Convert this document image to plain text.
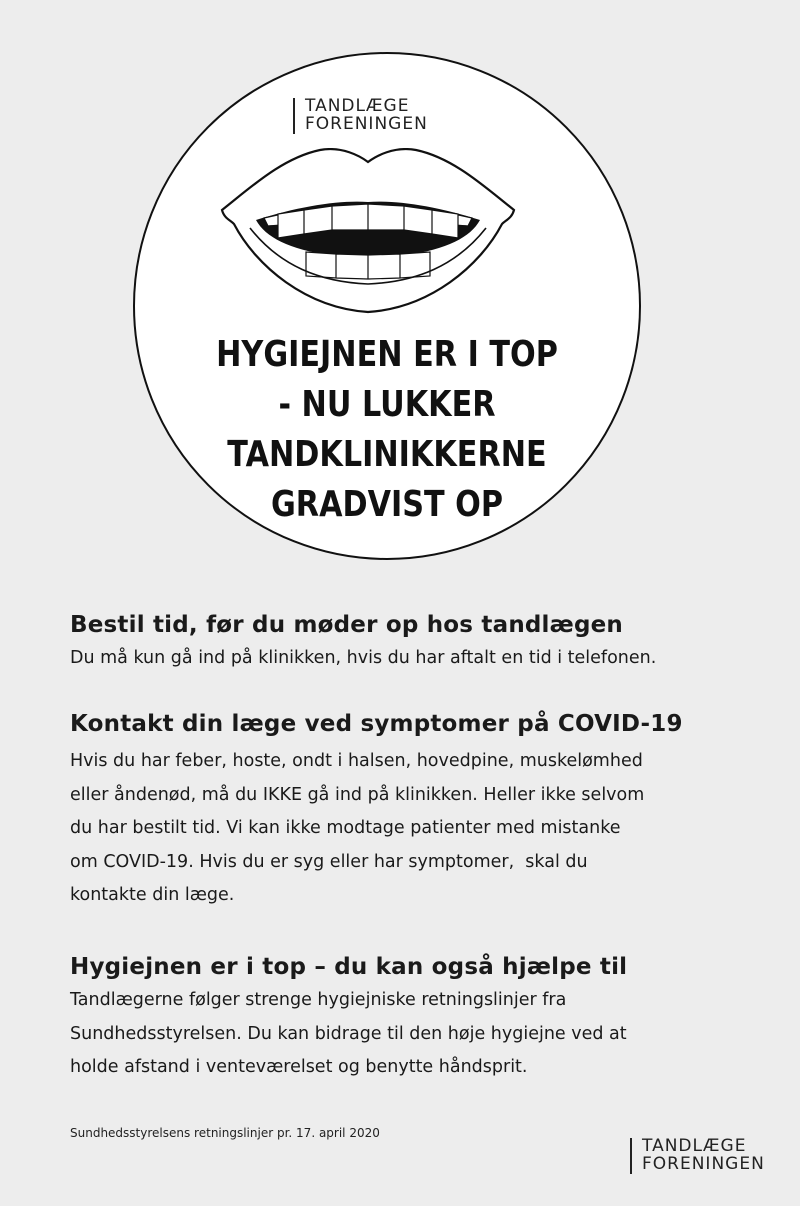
TANDLÆGE
FORENINGEN
HYGIEJNEN ER I TOP
- NU LUKKER
TANDKLINIKKERNE
GRADVIST OP
Bestil tid, før du møder op hos tandlægen

Du må kun gå ind på klinikken, hvis du har aftalt en tid i telefonen.

Kontakt din læge ved symptomer på COVID-19

Hvis du har feber, hoste, ondt i halsen, hovedpine, muskelømhed
eller åndenød, må du IKKE gå ind på klinikken. Heller ikke selvom
du har bestilt tid. Vi kan ikke modtage patienter med mistanke
om COVID-19. Hvis du er syg eller har symptomer,  skal du
kontakte din læge.

Hygiejnen er i top – du kan også hjælpe til

Tandlægerne følger strenge hygiejniske retningslinjer fra
Sundhedsstyrelsen. Du kan bidrage til den høje hygiejne ved at
holde afstand i venteværelset og benytte håndsprit.

Sundhedsstyrelsens retningslinjer pr. 17. april 2020
TANDLÆGE
FORENINGEN
